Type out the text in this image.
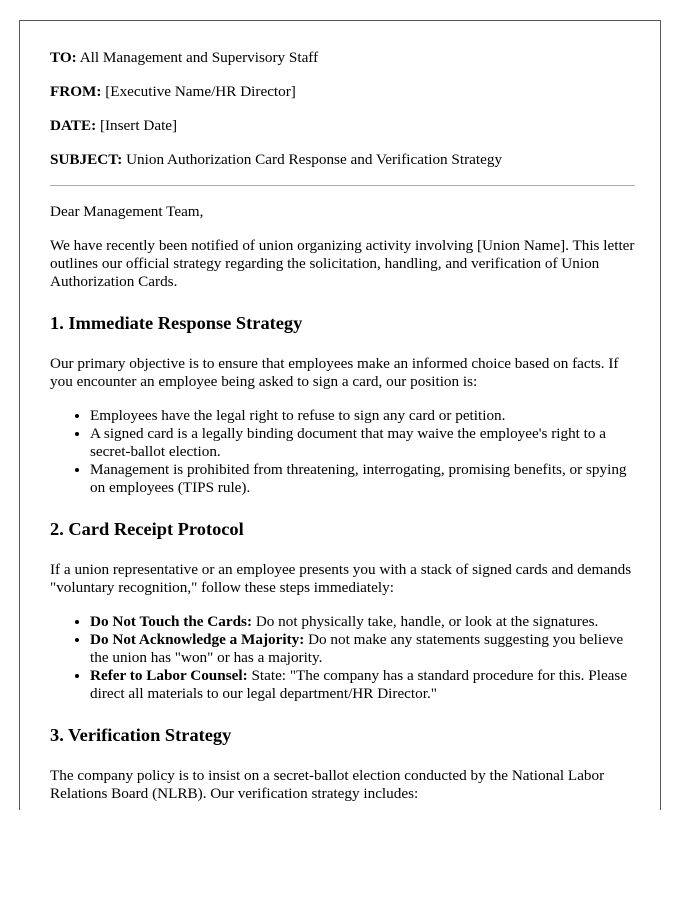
TO: All Management and Supervisory Staff
FROM: [Executive Name/HR Director]
DATE: [Insert Date]
SUBJECT: Union Authorization Card Response and Verification Strategy

Dear Management Team,

We have recently been notified of union organizing activity involving [Union Name]. This letter outlines our official strategy regarding the solicitation, handling, and verification of Union Authorization Cards.

1. Immediate Response Strategy

Our primary objective is to ensure that employees make an informed choice based on facts. If you encounter an employee being asked to sign a card, our position is:

• Employees have the legal right to refuse to sign any card or petition.
• A signed card is a legally binding document that may waive the employee's right to a secret-ballot election.
• Management is prohibited from threatening, interrogating, promising benefits, or spying on employees (TIPS rule).
2. Card Receipt Protocol

If a union representative or an employee presents you with a stack of signed cards and demands "voluntary recognition," follow these steps immediately:

• Do Not Touch the Cards: Do not physically take, handle, or look at the signatures.
• Do Not Acknowledge a Majority: Do not make any statements suggesting you believe the union has "won" or has a majority.
• Refer to Labor Counsel: State: "The company has a standard procedure for this. Please direct all materials to our legal department/HR Director."
3. Verification Strategy

The company policy is to insist on a secret-ballot election conducted by the National Labor Relations Board (NLRB). Our verification strategy includes:
